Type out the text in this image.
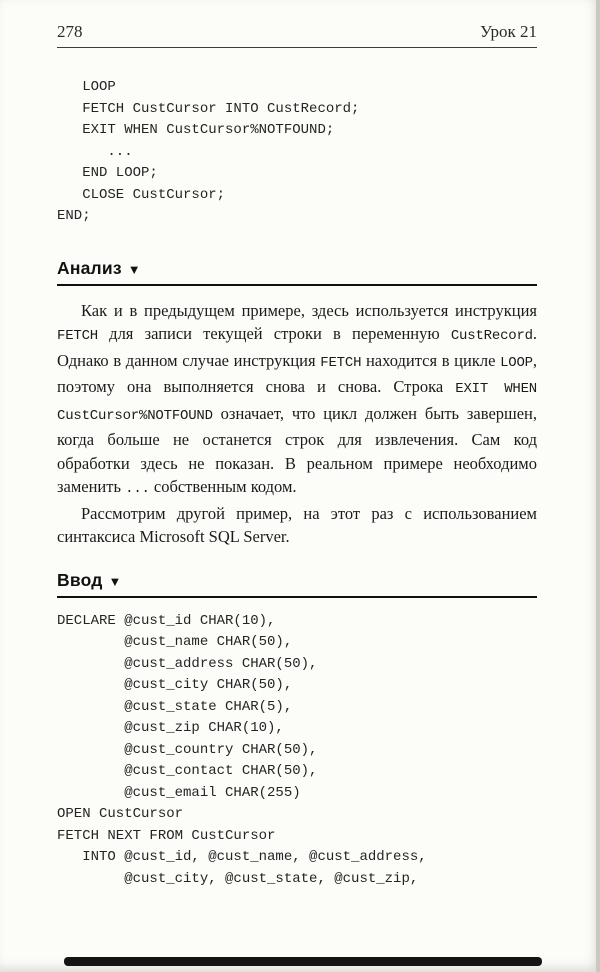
278	Урок 21
LOOP
FETCH CustCursor INTO CustRecord;
EXIT WHEN CustCursor%NOTFOUND;
...
END LOOP;
CLOSE CustCursor;
END;
Анализ ▼

Как и в предыдущем примере, здесь используется инструкция FETCH для записи текущей строки в переменную CustRecord. Однако в данном случае инструкция FETCH находится в цикле LOOP, поэтому она выполняется снова и снова. Строка EXIT WHEN CustCursor%NOTFOUND означает, что цикл должен быть завершен, когда больше не останется строк для извлечения. Сам код обработки здесь не показан. В реальном примере необходимо заменить ... собственным кодом.

Рассмотрим другой пример, на этот раз с использованием синтаксиса Microsoft SQL Server.

Ввод ▼
DECLARE @cust_id CHAR(10),
@cust_name CHAR(50),
@cust_address CHAR(50),
@cust_city CHAR(50),
@cust_state CHAR(5),
@cust_zip CHAR(10),
@cust_country CHAR(50),
@cust_contact CHAR(50),
@cust_email CHAR(255)
OPEN CustCursor
FETCH NEXT FROM CustCursor
INTO @cust_id, @cust_name, @cust_address,
@cust_city, @cust_state, @cust_zip,
